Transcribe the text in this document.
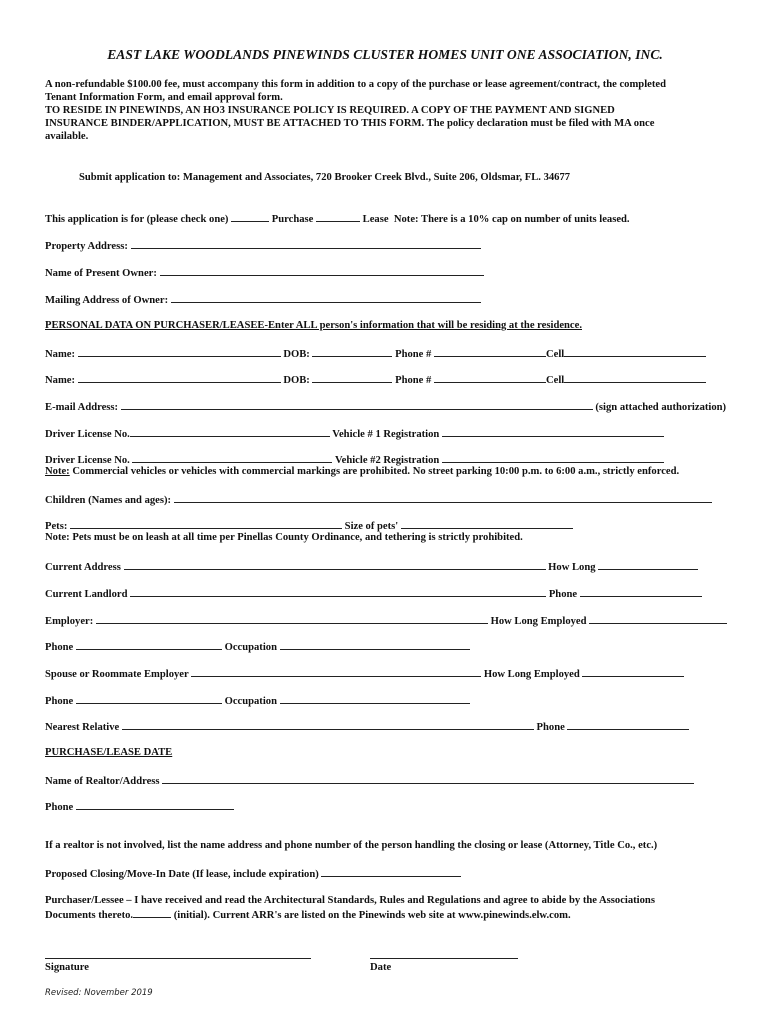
EAST LAKE WOODLANDS PINEWINDS CLUSTER HOMES UNIT ONE ASSOCIATION, INC.
A non-refundable $100.00 fee, must accompany this form in addition to a copy of the purchase or lease agreement/contract, the completed
Tenant Information Form, and email approval form.
TO RESIDE IN PINEWINDS, AN HO3 INSURANCE POLICY IS REQUIRED. A COPY OF THE PAYMENT AND SIGNED
INSURANCE BINDER/APPLICATION, MUST BE ATTACHED TO THIS FORM. The policy declaration must be filed with MA once
available.
Submit application to: Management and Associates, 720 Brooker Creek Blvd., Suite 206, Oldsmar, FL. 34677
This application is for (please check one)	Purchase	Lease Note: There is a 10% cap on number of units leased.
Property Address:
Name of Present Owner:
Mailing Address of Owner:
PERSONAL DATA ON PURCHASER/LEASEE-Enter ALL person's information that will be residing at the residence.
Name:	DOB:	Phone #	Cell
Name:	DOB:	Phone #	Cell
E-mail Address:	(sign attached authorization)
Driver License No.	Vehicle # 1 Registration
Driver License No.	Vehicle #2 Registration
Note: Commercial vehicles or vehicles with commercial markings are prohibited. No street parking 10:00 p.m. to 6:00 a.m., strictly enforced.
Children (Names and ages):
Pets:	Size of pets'
Note: Pets must be on leash at all time per Pinellas County Ordinance, and tethering is strictly prohibited.
Current Address	How Long
Current Landlord	Phone
Employer:	How Long Employed
Phone	Occupation
Spouse or Roommate Employer	How Long Employed
Phone	Occupation
Nearest Relative	Phone
PURCHASE/LEASE DATE
Name of Realtor/Address
Phone
If a realtor is not involved, list the name address and phone number of the person handling the closing or lease (Attorney, Title Co., etc.)
Proposed Closing/Move-In Date (If lease, include expiration)
Purchaser/Lessee – I have received and read the Architectural Standards, Rules and Regulations and agree to abide by the Associations
Documents thereto.	(initial). Current ARR's are listed on the Pinewinds web site at www.pinewinds.elw.com.
Signature	Date
Revised: November 2019
